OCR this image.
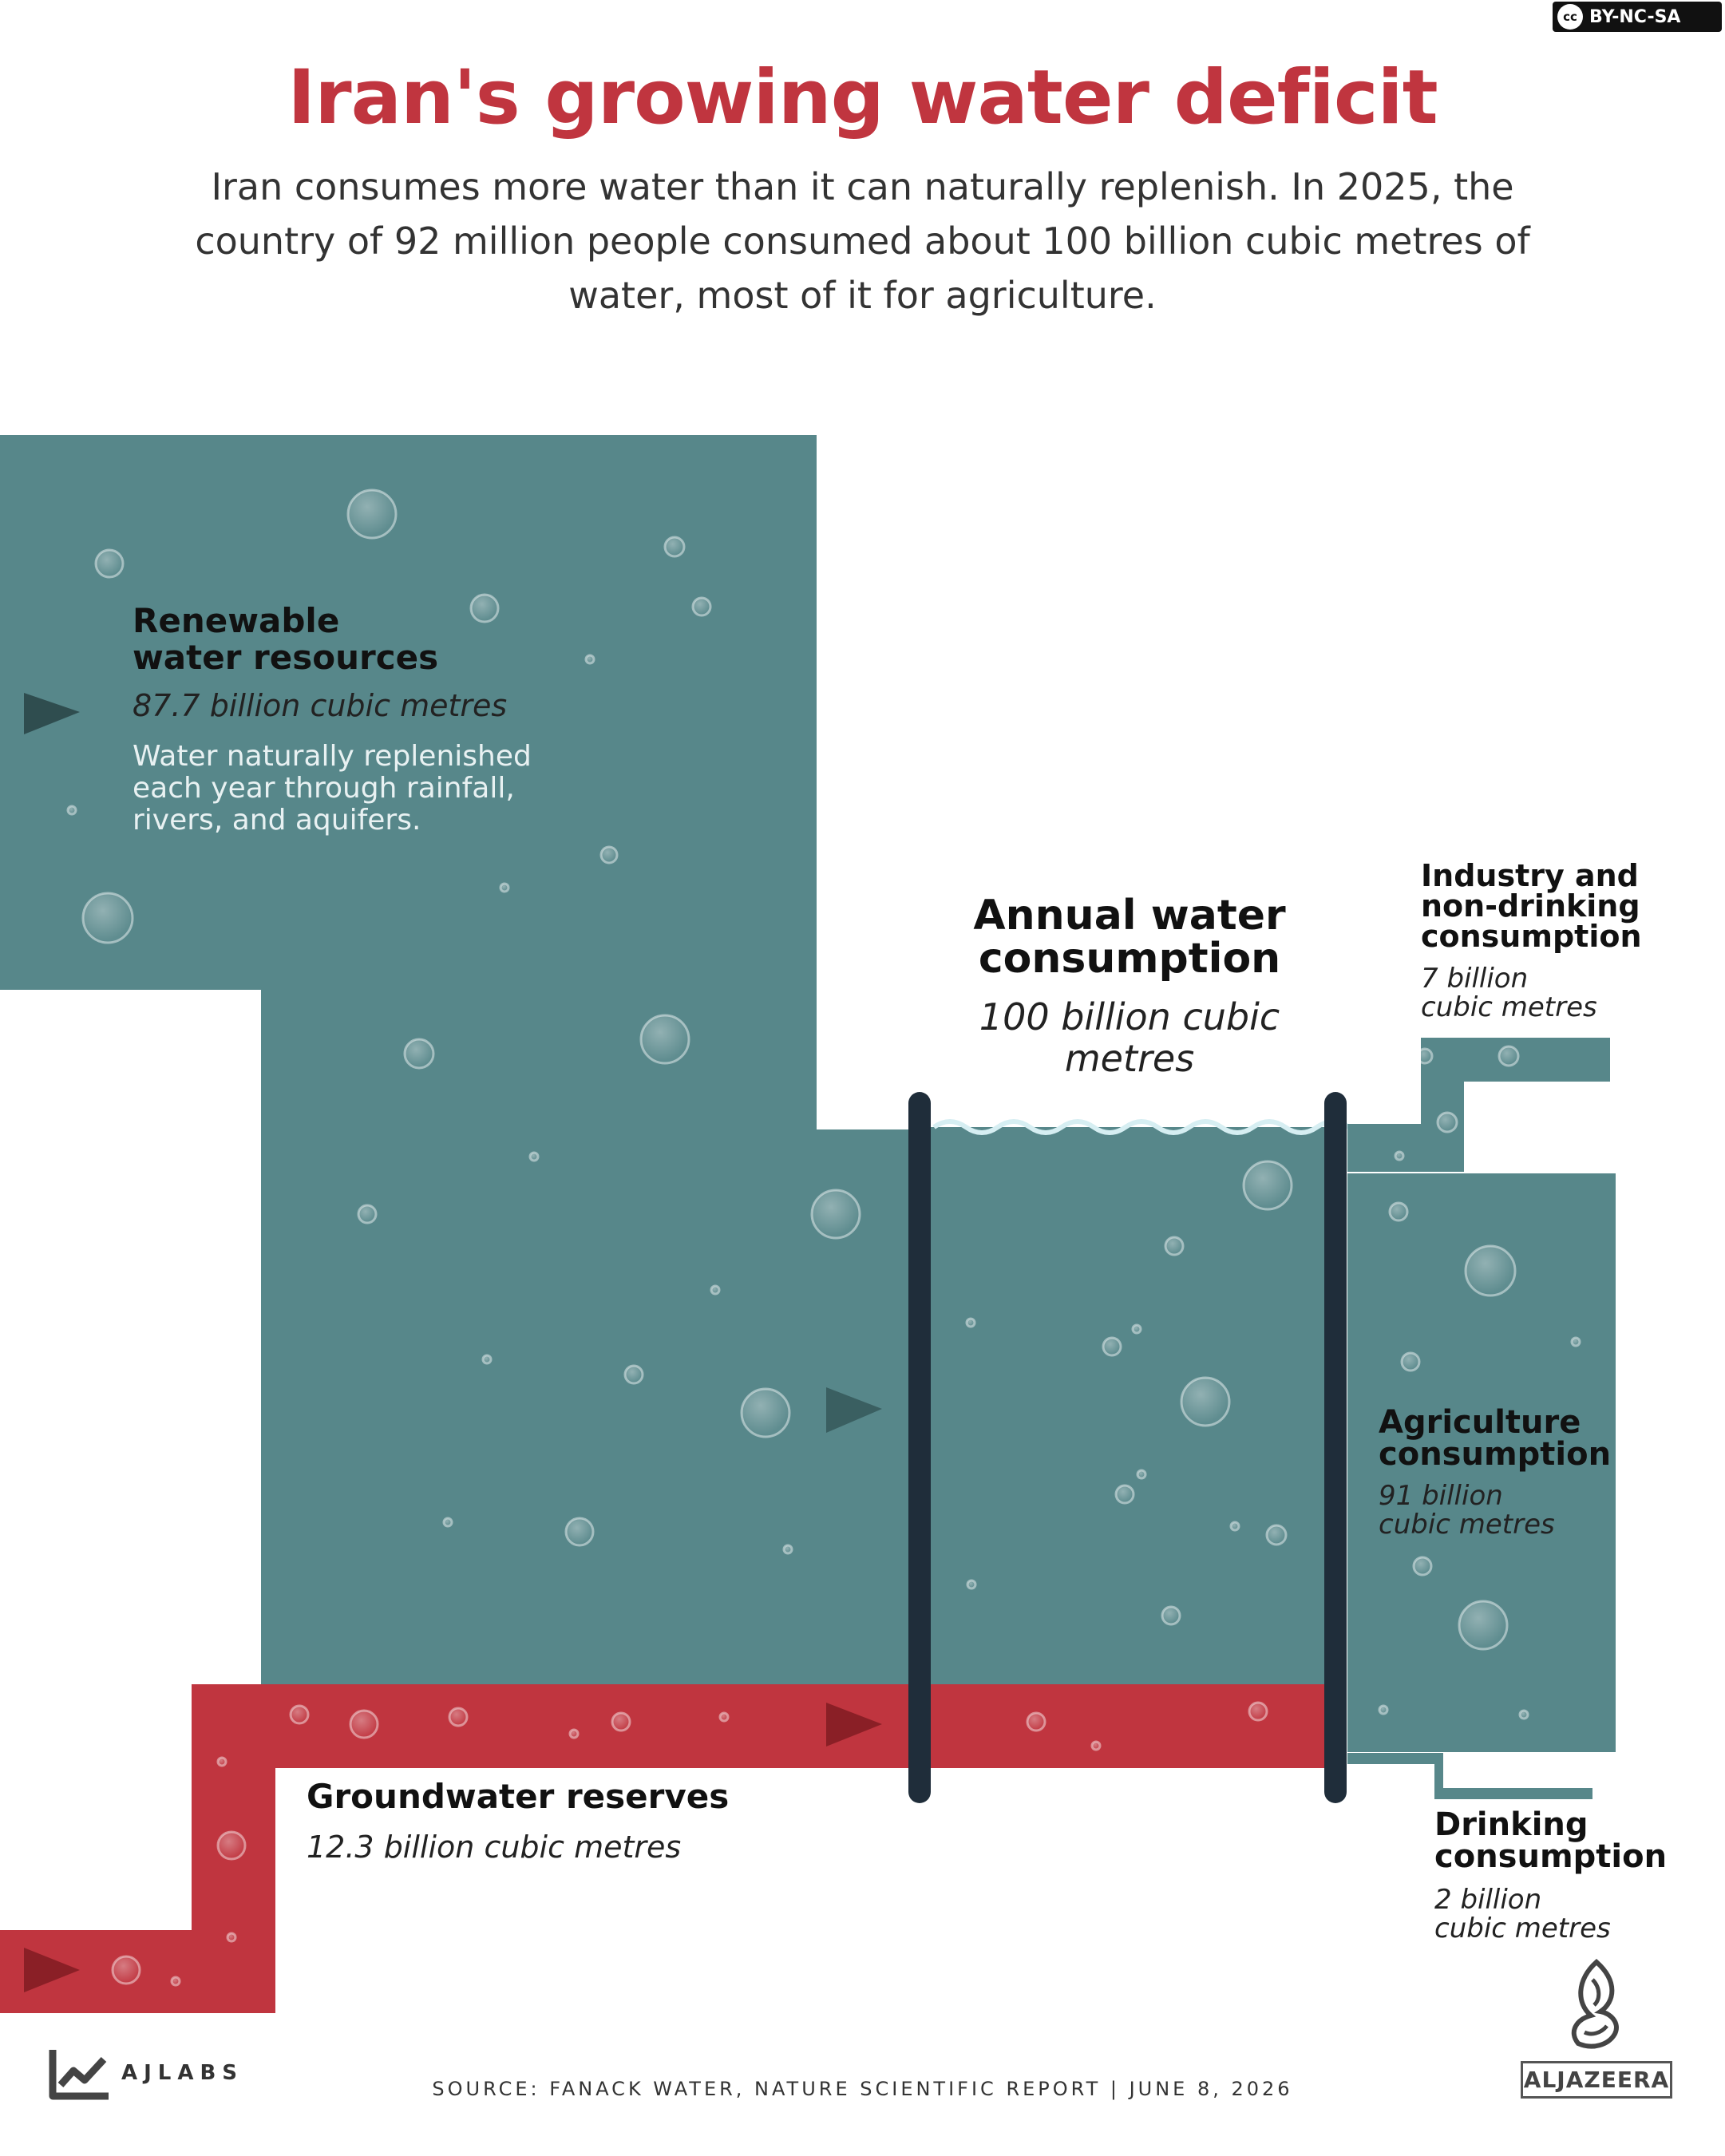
cc BY-NC-SA
Iran's growing water deficit
Iran consumes more water than it can naturally replenish. In 2025, the country of 92 million people consumed about 100 billion cubic metres of water, most of it for agriculture.
Renewable
water resources
87.7 billion cubic metres
Water naturally replenished
each year through rainfall,
rivers, and aquifers.
Annual water
consumption
100 billion cubic
metres
Industry and
non-drinking
consumption
7 billion
cubic metres
Agriculture
consumption
91 billion
cubic metres
Groundwater reserves
12.3 billion cubic metres
Drinking
consumption
2 billion
cubic metres
AJLABS
SOURCE: FANACK WATER, NATURE SCIENTIFIC REPORT | JUNE 8, 2026	ALJAZEERA
